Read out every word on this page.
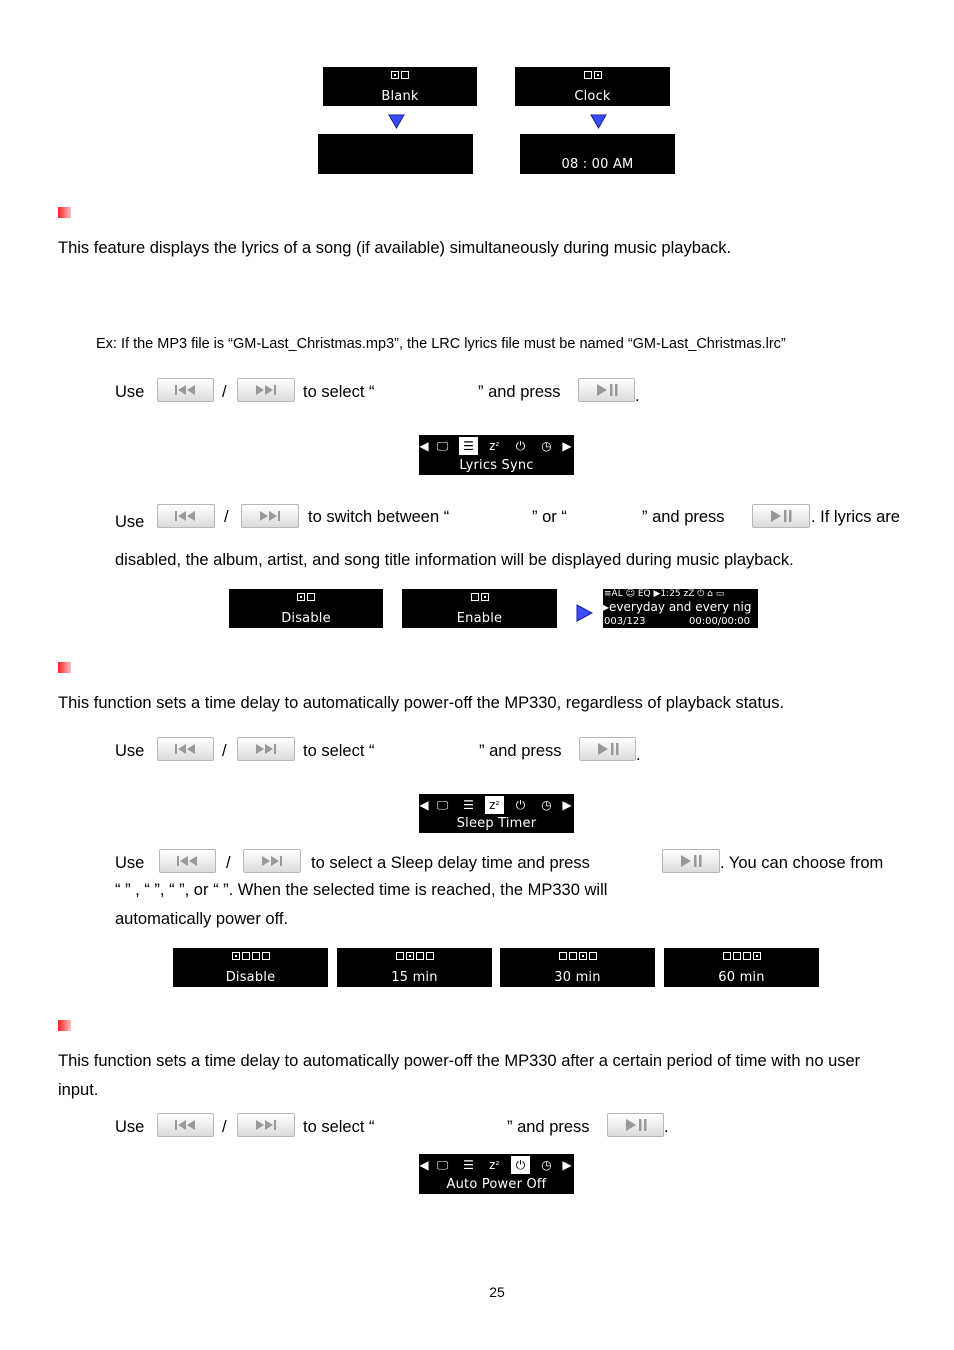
Blank	Clock
08 : 00 AM
This feature displays the lyrics of a song (if available) simultaneously during music playback.
Ex: If the MP3 file is “GM-Last_Christmas.mp3”, the LRC lyrics file must be named “GM-Last_Christmas.lrc”
Use	/	to select “	” and press	.
◀ 🖵	☰	zᶻ	⏻	◷ ▶
Lyrics Sync
Use	/	to switch between “	” or “	” and press	. If lyrics are
disabled, the album, artist, and song title information will be displayed during music playback.
Disable	Enable
≡AL ☺ EQ ▶1:25 zZ ⏻ ⌂ ▭
▸everyday and every nig
003/123	00:00/00:00
This function sets a time delay to automatically power-off the MP330, regardless of playback status.
Use	/	to select “	” and press	.
◀ 🖵	☰	zᶻ	⏻	◷ ▶
Sleep Timer
Use	/	to select a Sleep delay time and press	. You can choose from
“ ” , “ ”, “ ”, or “ ”. When the selected time is reached, the MP330 will
automatically power off.
Disable	15 min	30 min	60 min
This function sets a time delay to automatically power-off the MP330 after a certain period of time with no user
input.
Use	/	to select “	” and press	.
◀ 🖵	☰	zᶻ	⏻	◷ ▶
Auto Power Off
25
